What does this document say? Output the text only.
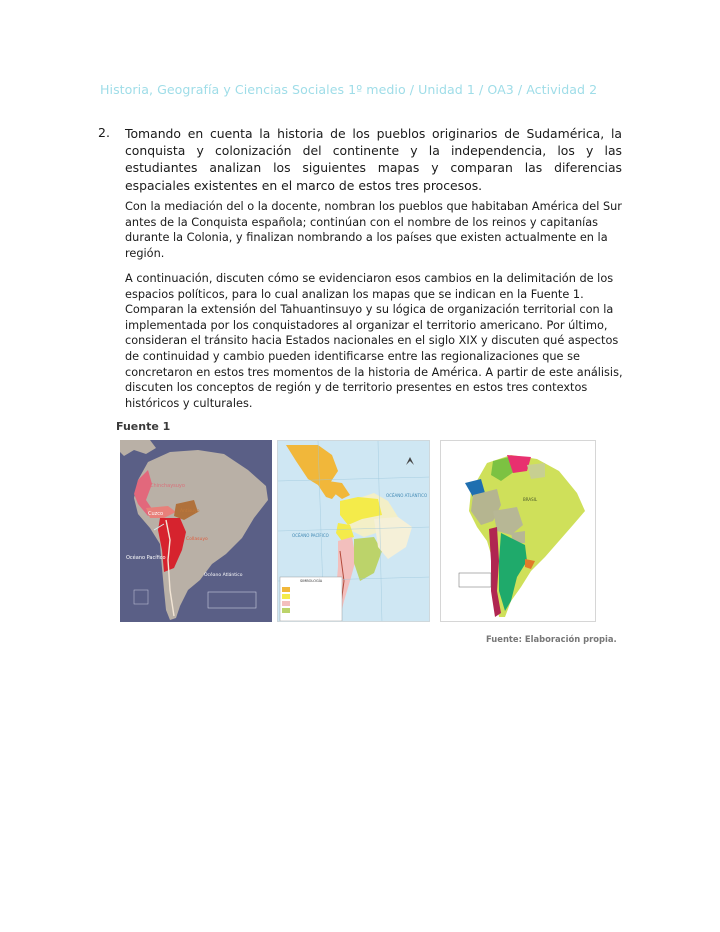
Historia, Geografía y Ciencias Sociales 1º medio / Unidad 1 / OA3 / Actividad 2
2. Tomando en cuenta la historia de los pueblos originarios de Sudamérica, la conquista y colonización del continente y la independencia, los y las estudiantes analizan los siguientes mapas y comparan las diferencias espaciales existentes en el marco de estos tres procesos.
Con la mediación del o la docente, nombran los pueblos que habitaban América del Sur antes de la Conquista española; continúan con el nombre de los reinos y capitanías durante la Colonia, y finalizan nombrando a los países que existen actualmente en la región.
A continuación, discuten cómo se evidenciaron esos cambios en la delimitación de los espacios políticos, para lo cual analizan los mapas que se indican en la Fuente 1. Comparan la extensión del Tahuantinsuyo y su lógica de organización territorial con la implementada por los conquistadores al organizar el territorio americano. Por último, consideran el tránsito hacia Estados nacionales en el siglo XIX y discuten qué aspectos de continuidad y cambio pueden identificarse entre las regionalizaciones que se concretaron en estos tres momentos de la historia de América. A partir de este análisis, discuten los conceptos de región y de territorio presentes en estos tres contextos históricos y culturales.
Fuente 1
Chinchaysuyo
Cuzco	Antisuyo
Collasuyo
Océano Pacífico
Océano Atlántico
OCÉANO ATLÁNTICO
OCÉANO PACÍFICO
SIMBOLOGÍA
BRASIL
Fuente: Elaboración propia.
